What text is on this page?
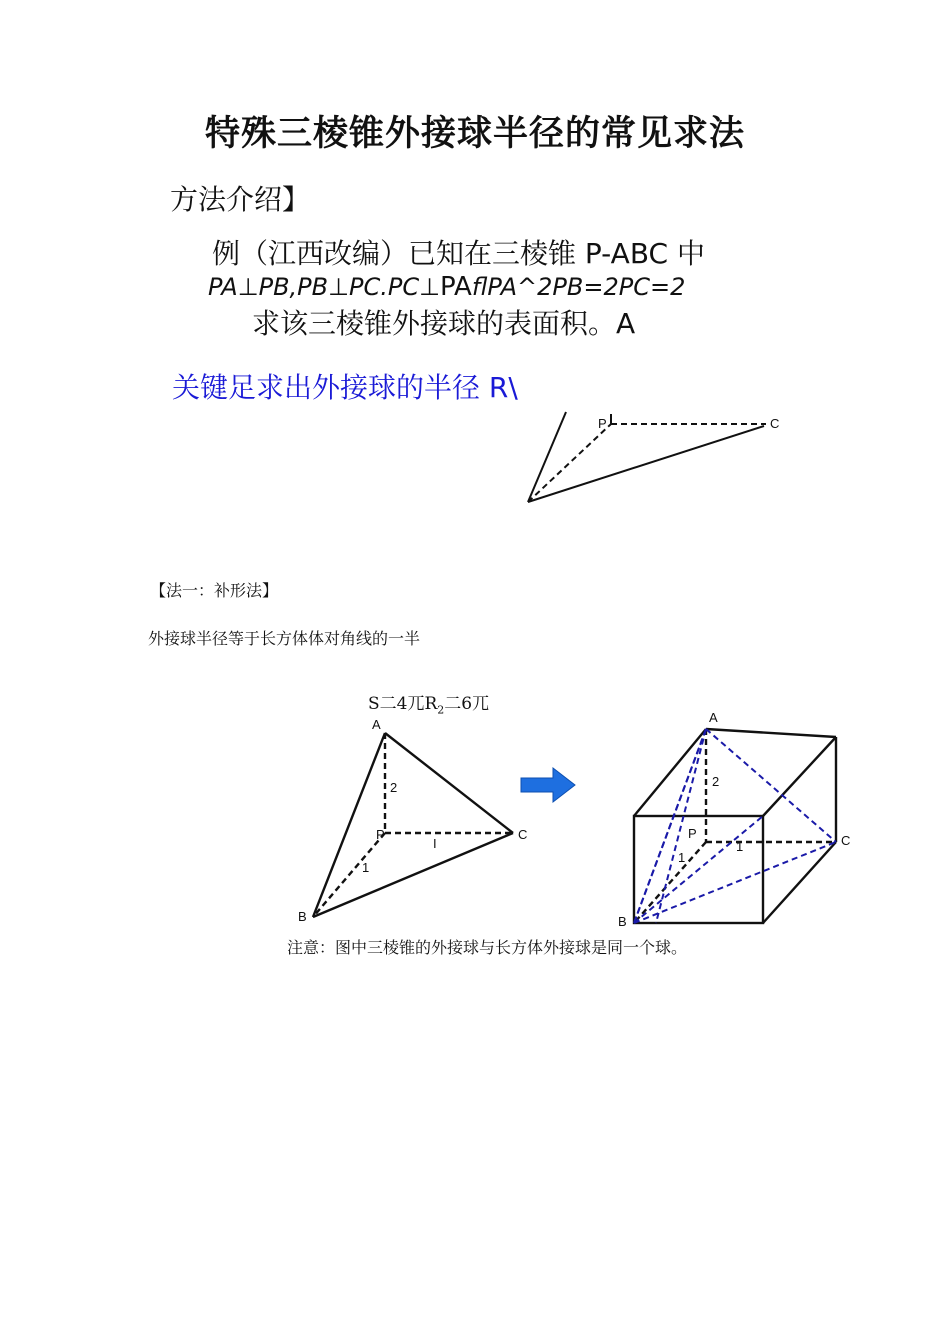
特殊三棱锥外接球半径的常见求法
方法介绍】
例（江西改编）已知在三棱锥 P-ABC 中
PA⊥PB,PB⊥PC.PC⊥PAflPA^2PB=2PC=2
求该三棱锥外接球的表面积。A
关键足求出外接球的半径 R\
【法一：补形法】
外接球半径等于长方体体对角线的一半
S二4兀$R_2$二6兀
注意：图中三棱锥的外接球与长方体外接球是同一个球。
P	C
A
P	C
B
2
I
1
A
P	C
B
2
1
1
